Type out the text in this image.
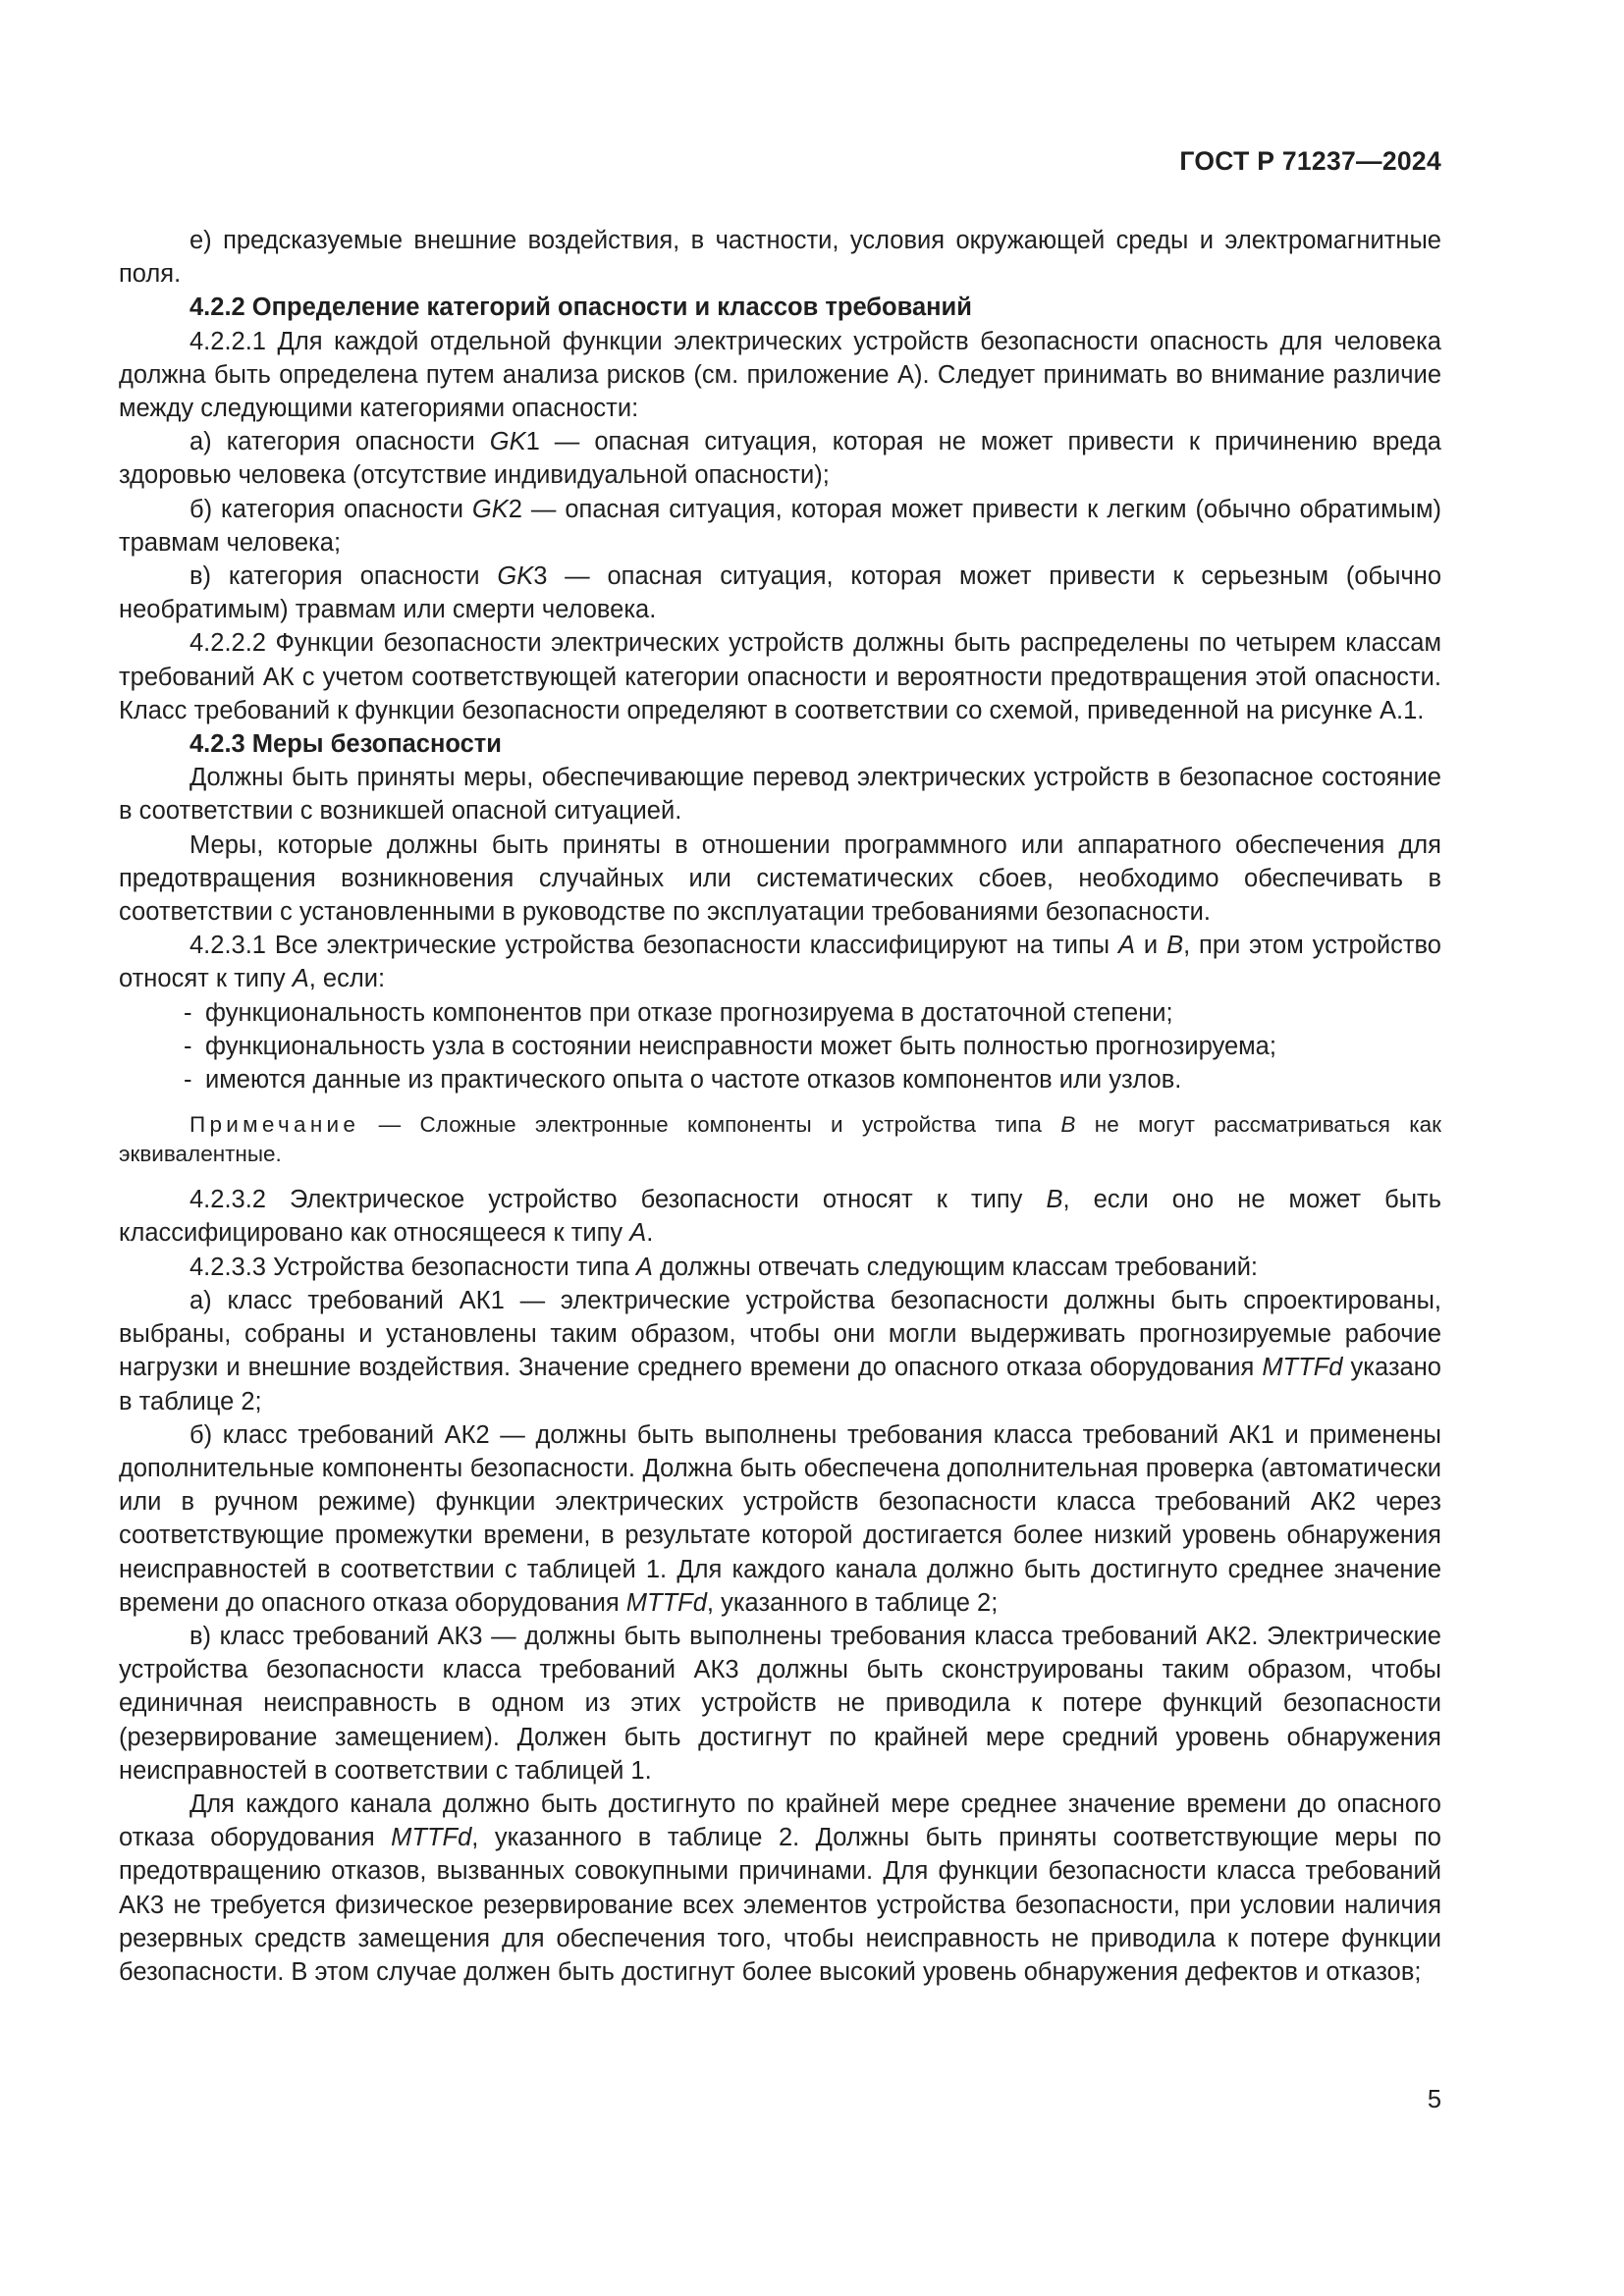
ГОСТ Р 71237—2024

е) предсказуемые внешние воздействия, в частности, условия окружающей среды и электромагнитные поля.

4.2.2 Определение категорий опасности и классов требований

4.2.2.1 Для каждой отдельной функции электрических устройств безопасности опасность для человека должна быть определена путем анализа рисков (см. приложение А). Следует принимать во внимание различие между следующими категориями опасности:

а) категория опасности GK1 — опасная ситуация, которая не может привести к причинению вреда здоровью человека (отсутствие индивидуальной опасности);

б) категория опасности GK2 — опасная ситуация, которая может привести к легким (обычно обратимым) травмам человека;

в) категория опасности GK3 — опасная ситуация, которая может привести к серьезным (обычно необратимым) травмам или смерти человека.

4.2.2.2 Функции безопасности электрических устройств должны быть распределены по четырем классам требований АК с учетом соответствующей категории опасности и вероятности предотвращения этой опасности. Класс требований к функции безопасности определяют в соответствии со схемой, приведенной на рисунке А.1.

4.2.3 Меры безопасности

Должны быть приняты меры, обеспечивающие перевод электрических устройств в безопасное состояние в соответствии с возникшей опасной ситуацией.

Меры, которые должны быть приняты в отношении программного или аппаратного обеспечения для предотвращения возникновения случайных или систематических сбоев, необходимо обеспечивать в соответствии с установленными в руководстве по эксплуатации требованиями безопасности.

4.2.3.1 Все электрические устройства безопасности классифицируют на типы А и В, при этом устройство относят к типу А, если:

- функциональность компонентов при отказе прогнозируема в достаточной степени;

- функциональность узла в состоянии неисправности может быть полностью прогнозируема;

- имеются данные из практического опыта о частоте отказов компонентов или узлов.

Примечание — Сложные электронные компоненты и устройства типа В не могут рассматриваться как эквивалентные.

4.2.3.2 Электрическое устройство безопасности относят к типу В, если оно не может быть классифицировано как относящееся к типу А.

4.2.3.3 Устройства безопасности типа А должны отвечать следующим классам требований:

а) класс требований АК1 — электрические устройства безопасности должны быть спроектированы, выбраны, собраны и установлены таким образом, чтобы они могли выдерживать прогнозируемые рабочие нагрузки и внешние воздействия. Значение среднего времени до опасного отказа оборудования MTTFd указано в таблице 2;

б) класс требований АК2 — должны быть выполнены требования класса требований АК1 и применены дополнительные компоненты безопасности. Должна быть обеспечена дополнительная проверка (автоматически или в ручном режиме) функции электрических устройств безопасности класса требований АК2 через соответствующие промежутки времени, в результате которой достигается более низкий уровень обнаружения неисправностей в соответствии с таблицей 1. Для каждого канала должно быть достигнуто среднее значение времени до опасного отказа оборудования MTTFd, указанного в таблице 2;

в) класс требований АК3 — должны быть выполнены требования класса требований АК2. Электрические устройства безопасности класса требований АК3 должны быть сконструированы таким образом, чтобы единичная неисправность в одном из этих устройств не приводила к потере функций безопасности (резервирование замещением). Должен быть достигнут по крайней мере средний уровень обнаружения неисправностей в соответствии с таблицей 1.

Для каждого канала должно быть достигнуто по крайней мере среднее значение времени до опасного отказа оборудования MTTFd, указанного в таблице 2. Должны быть приняты соответствующие меры по предотвращению отказов, вызванных совокупными причинами. Для функции безопасности класса требований АК3 не требуется физическое резервирование всех элементов устройства безопасности, при условии наличия резервных средств замещения для обеспечения того, чтобы неисправность не приводила к потере функции безопасности. В этом случае должен быть достигнут более высокий уровень обнаружения дефектов и отказов;

5
